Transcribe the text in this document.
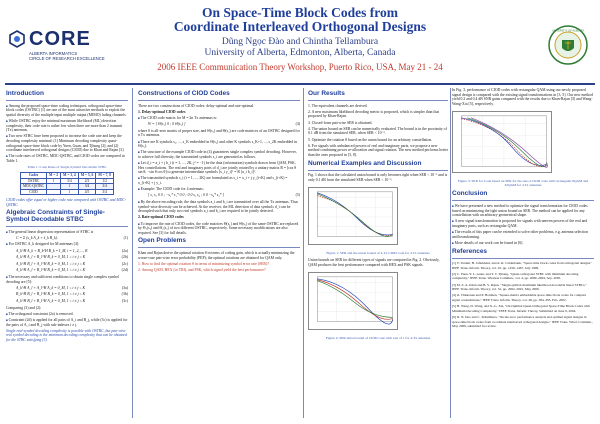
CORE
ALBERTA INFORMATICS
CIRCLE OF RESEARCH EXCELLENCE
On Space-Time Block Codes from
Coordinate Interleaved Orthogonal Designs
Dũng Ngọc Đào and Chintha Tellambura
University of Alberta, Edmonton, Alberta, Canada
2006 IEEE Communication Theory Workshop, Puerto Rico, USA, May 21 - 24
UNIVERSITY OF ALBERTA
Introduction
■ Among the proposed space-time coding techniques, orthogonal space-time block codes (OSTBC) [1] are one of the most attractive methods to exploit the spatial diversity of the multiple input multiple output (MIMO) fading channels.
■ While OSTBC enjoy the minimal maximum likelihood (ML) detection complexity, their code rate is rather low when there are more than 2 transmit (Tx) antennas.
■ Two new STBC have been proposed to increase the code rate and keep the decoding complexity minimal: (1) Minimum decoding complexity quasi-orthogonal space-time block code by Yuen, Guan, and Tjhung [2]; and (2) coordinate interleaved orthogonal designs (CIOD) due to Khan and Rajan [3].
■ The code rates of OSTBC, MDC-QSTBC, and CIOD codes are compared in Table 1.
Table 1: Code Rates of Single-Symbol Decodable STBC
Codes	M = 2	M = 3, 4	M = 5, 6	M = 7, 8
OSTBC	1	3/4	2/3	1/2
MDC-QSTBC		1	3/4	3/4
CIOD		1	4/5	3/4

CIOD codes offer equal or higher code rate compared with OSTBC and MDC-QSTBC.

Algebraic Constraints of Single-Symbol Decodable STBC
■ The general linear dispersion representation of STBC is
C = Σ (s_k A_k + s̄_k B_k).	(1)
■ For OSTBC A_k designed for M antennas [4]:
A_k^H A_k + B_k^H B_k = I_M, i = 1, 2, ..., K	(2a)
A_k^H A_l + B_l^H B_k = 0_M, 1 ≤ i ≠ j ≤ K	(2b)
A_k^H B_l + A_l^H B_k = 0_M, 1 ≤ i ≠ j ≤ K	(2c)
A_k^H A_l + B_l^H B_k = 0_M, 1 ≤ i ≠ j ≤ K	(2d)
■ The necessary and sufficient conditions to obtain single complex symbol decoding are [5]:
A_k^H A_l + A_l^H A_k = 0_M, 1 ≤ i ≠ j ≤ K	(3a)
B_k^H B_l + B_l^H B_k = 0_M, 1 ≤ i ≠ j ≤ K	(3b)
A_k^H B_l + B_l^H A_k = 0_M, 1 ≤ i ≠ j ≤ K	(3c)

Comparing (3) and (2):

■ The orthogonal constraint (2a) is removed.
■ Constraint (2d) is applied for all pairs of A_i and B_j, while (3c) is applied for the pairs of A_i and B_j with sub-indexes i ≠ j.

Single real-symbol decoding complexity is possible with OSTBC, but pair-wise real symbol decoding is the minimum decoding complexity that can be obtained for the STBC satisfying (3).

Constructions of CIOD Codes

There are two constructions of CIOD codes: delay-optimal and rate-optimal.

1. Delay-optimal CIOD codes

■ The CIOD code matrix for M = 2n Tx antennas is:
W = [ Θ(s₁) 0 ; 0 Θ(s₂) ]	(4)

where 0 is all-zero matrix of proper size, and Θ(s₁) and Θ(s₂) are code matrices of an OSTBC designed for n Tx antennas.

■ There are K symbols s₁, ..., s_K embedded in Θ(s₁) and other K symbols s_K+1, ..., s_2K embedded in Θ(s₂).
■ The structure of the example CIOD code in (4) guarantees single complex symbol decoding. However, to achieve full diversity, the transmitted symbols s_i are generated as follows.
■ Let d_i = a_i + j b_i (i = 1, ..., 2K, j² = −1) be the data (information) symbols drawn from QAM, PSK, Hex constellations. The real and imaginary parts of d_i are jointly rotated by a unitary matrix R = [cos θ sin θ; −sin θ cos θ] to generate intermediate symbols [x_i y_i]ᵀ = R [a_i b_i]ᵀ.
■ The transmitted symbols s_i (i = 1, ..., 2K) are formulated as s_i = x_i + j y_(i+K) and s_(i+K) = x_(i+K) + j y_i.
■ Example: The CIOD code for 4 antennas:
[ s₁ s₂ 0 0 ; −s₂* s₁* 0 0 ; 0 0 s₃ s₄ ; 0 0 −s₄* s₃* ]	(5)
■ By the above encoding rule, the data symbols a_i and b_i are transmitted over all the Tx antennas. Thus symbol-wise diversity can be achieved. At the receiver, the ML detection of data symbols d_i can be decoupled such that only two real symbols a_i and b_i are required to be jointly detected.

2. Rate-optimal CIOD codes

■ To improve the rate of CIOD codes, the code matrices Θ(s₁) and Θ(s₂) of the same OSTBC are replaced by Θ₁(s₁) and Θ₂(s₂) of two different OSTBC, respectively. Some necessary modifications are also required. See [3] for full details.
Open Problems

Khan and Rajan derive the optimal rotation θ in terms of coding gain, which is actually minimizing the worse-case pair-wise error probability (PEP); the optimal rotations are obtained for QAM only.

1. How to find the optimal rotation θ in terms of minimizing symbol error rate (SER)?

2. Among QAM, HEX (or TRI), and PSK, which signal yield the best performance?

Our Results

1. The equivalent channels are derived.

2. A new maximum likelihood decoding metric is proposed, which is simpler than that proposed by Khan-Rajan.

3. Closed-form pair-wise SER is obtained.

4. The union bound on SER can be numerically evaluated. The bound is in the proximity of 0.1 dB from the simulated SER, when SER < 10⁻³.

5. Optimize the rotation θ based on the union bound for an arbitrary constellation.

6. For signals with unbalanced powers of real and imaginary parts, we propose a new method combining power re-allocation and signal rotation. The new method performs better than the ones proposed in [3, 8].

Numerical Examples and Discussion

Fig. 1 shows that the calculated union bound is only becomes tight when SER < 10⁻³ and is only 0.1 dB from the simulated SER when SER < 10⁻³.

Figure 1: SER and the union bound of 4-Tx CIOD code for 4 Tx antennas

Union bounds on SER for different types of signals are compared in Fig. 2. Obviously, QAM produces the best performance compared with HEX and PSK signals.

Figure 2: SER union bound of CIOD code with rate of 1 for 4-Tx antennas

In Fig. 3, performance of CIOD codes with rectangular QAM using our newly proposed signal design is compared with the existing signal transformations in [3, 5]. Our new method yield 0.2 and 0.4 dB SNR gains compared with the results due to Khan-Rajan [3] and Wang-Wang-Xia [5], respectively.

Figure 3: SER for Code based on SER for the rate-4 CIOD code with rectangular 8QAM and 32QAM for 4 Tx antennas
Conclusion
■ We have presented a new method to optimize the signal transformation for CIOD codes based on minimizing the tight union bound on SER. The method can be applied for any constellation with an arbitrary geometrical shape.
■ A new signal transformation is proposed for signals with uneven powers of the real and imaginary parts, such as rectangular QAM.
■ The results of this paper can be extended to solve other problems, e.g. antenna selection and beamforming.
■ More details of our work can be found in [6].
References

[1] V. Tarokh, H. Jafarkhani, and A. R. Calderbank, "Space-time block codes from orthogonal designs" IEEE Trans. Inform. Theory, vol. 45, pp. 1456–1467, July 1999.

[2] C. Yuen, Y. L. Guan, and T. T. Tjhung, "Quasi-orthogonal STBC with minimum decoding complexity," IEEE Trans. Wireless Commun., vol. 4, pp. 2089–2094, Sep. 2005.

[3] M. Z. A. Khan and B. S. Rajan, "Single-symbol maximum likelihood decodable linear STBCs," IEEE Trans. Inform. Theory, vol. 52, pp. 2062–2091, May 2006.

[4] O. Tirkkonen and P. Hottinen, "Square-matrix embeddable space-time block codes for complex signal constellations," IEEE Trans. Inform. Theory, vol. 48, pp. 384–395, Feb. 2002.

[5] H. Wang, D. Wang, and X.-G. Xia, "On Optimal Quasi-Orthogonal Space-Time Block Codes with Minimum Decoding Complexity," IEEE Trans. Inform. Theory, Submitted on June 9, 2004.

[6] D. N. Dao and C. Tellambura, "On the error performance analysis and optimal signal designs in space-time block codes from coordinate interleaved orthogonal designs," IEEE Trans. Wirel. Commun., May 2006, submitted for review.
